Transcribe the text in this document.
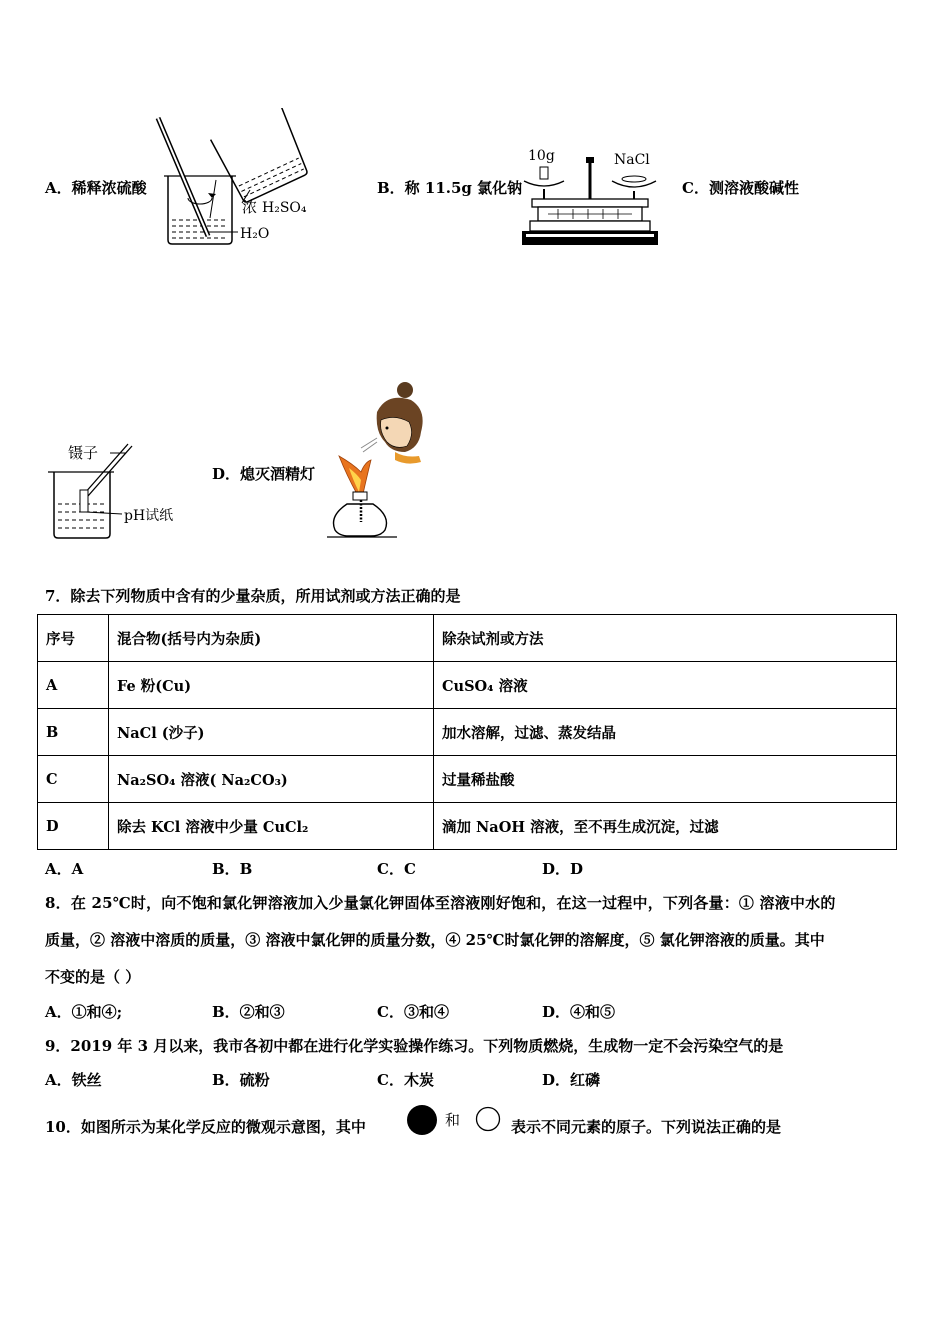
A．稀释浓硫酸
浓 H₂SO₄
H₂O
B．称 11.5g 氯化钠
10g	NaCl
C．测溶液酸碱性
镊子
pH试纸
D．熄灭酒精灯
7．除去下列物质中含有的少量杂质，所用试剂或方法正确的是
序号	混合物(括号内为杂质)	除杂试剂或方法
A	Fe 粉(Cu)	CuSO₄ 溶液
B	NaCl (沙子)	加水溶解，过滤、蒸发结晶
C	Na₂SO₄ 溶液( Na₂CO₃)	过量稀盐酸
D	除去 KCl 溶液中少量 CuCl₂	滴加 NaOH 溶液，至不再生成沉淀，过滤
A．A	B．B	C．C	D．D
8．在 25℃时，向不饱和氯化钾溶液加入少量氯化钾固体至溶液刚好饱和，在这一过程中，下列各量：① 溶液中水的
质量，② 溶液中溶质的质量，③ 溶液中氯化钾的质量分数，④ 25℃时氯化钾的溶解度，⑤ 氯化钾溶液的质量。其中
不变的是（ ）
A．①和④;	B．②和③	C．③和④	D．④和⑤
9．2019 年 3 月以来，我市各初中都在进行化学实验操作练习。下列物质燃烧，生成物一定不会污染空气的是
A．铁丝	B．硫粉	C．木炭	D．红磷
10．如图所示为某化学反应的微观示意图，其中	和	表示不同元素的原子。下列说法正确的是
